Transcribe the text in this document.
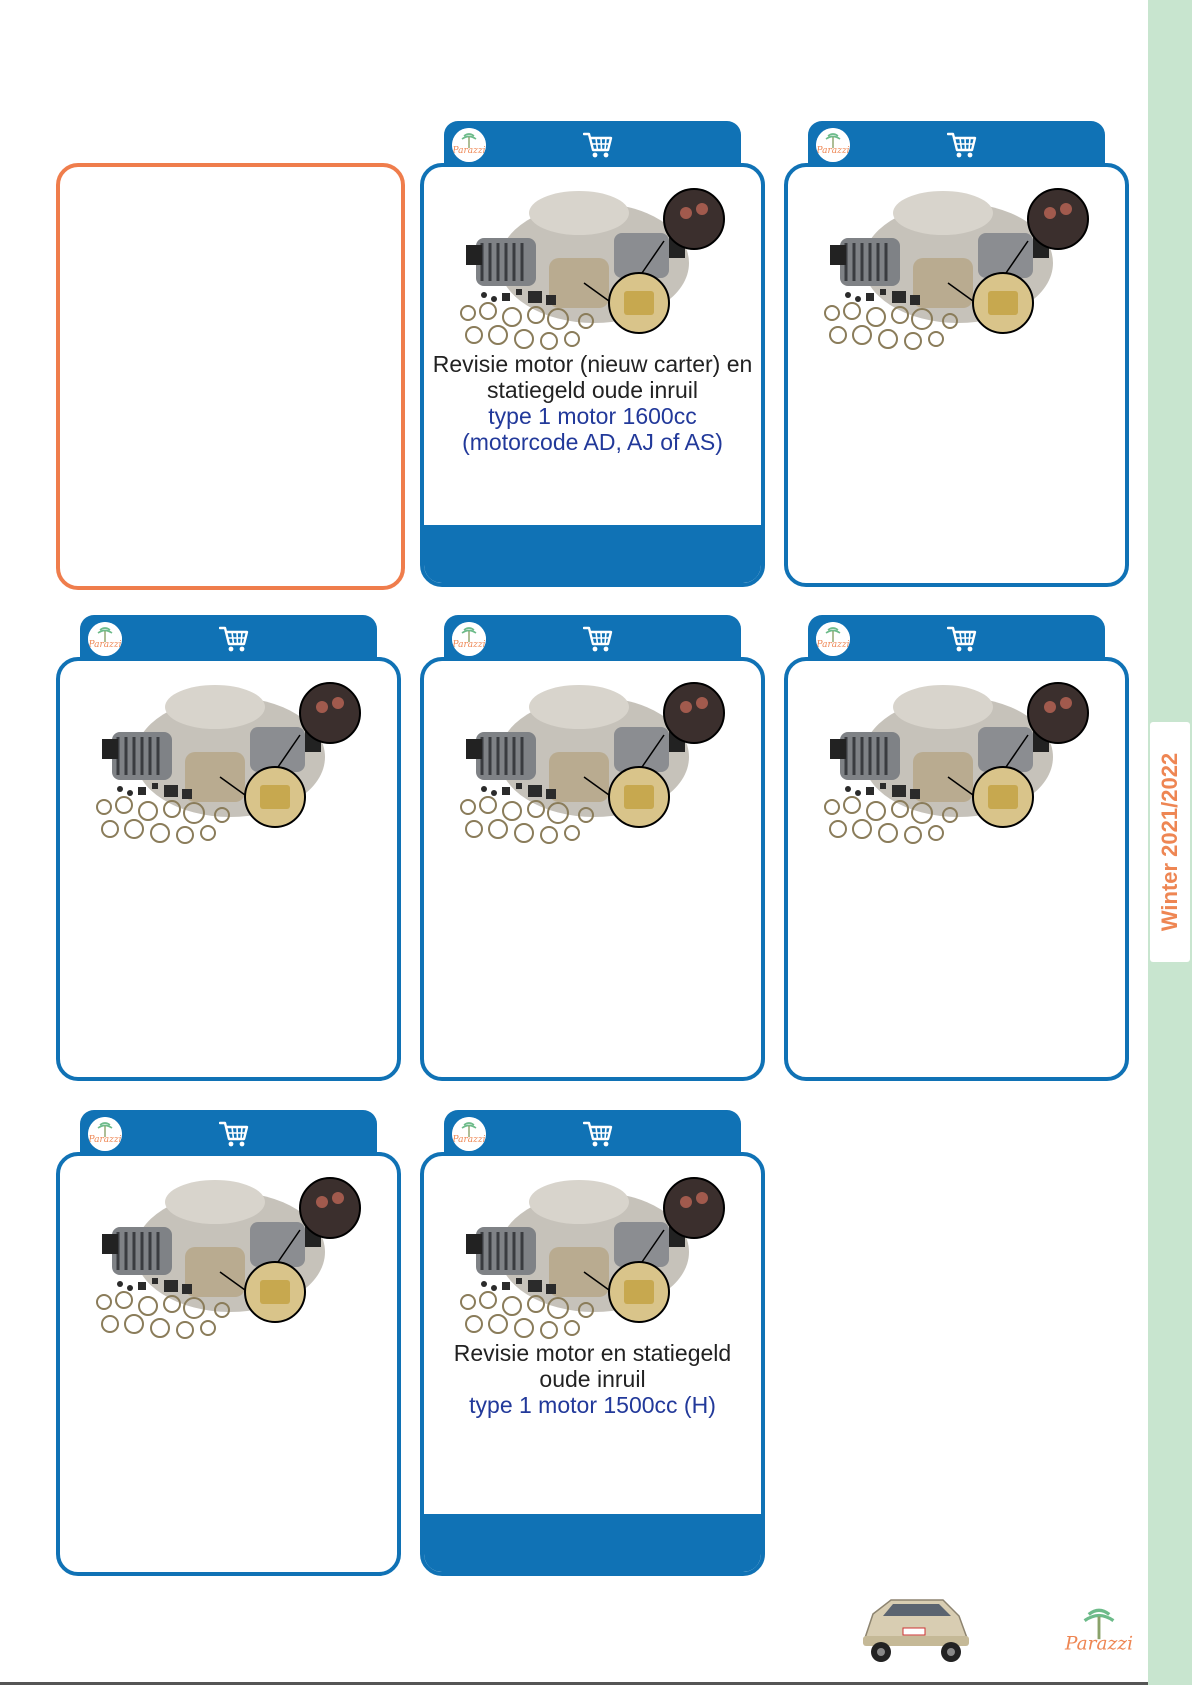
Winter 2021/2022
Revisie motor (nieuw carter) en statiegeld oude inruil
type 1 motor 1600cc (motorcode AD, AJ of AS)
Revisie motor en statiegeld oude inruil
type 1 motor 1500cc (H)
